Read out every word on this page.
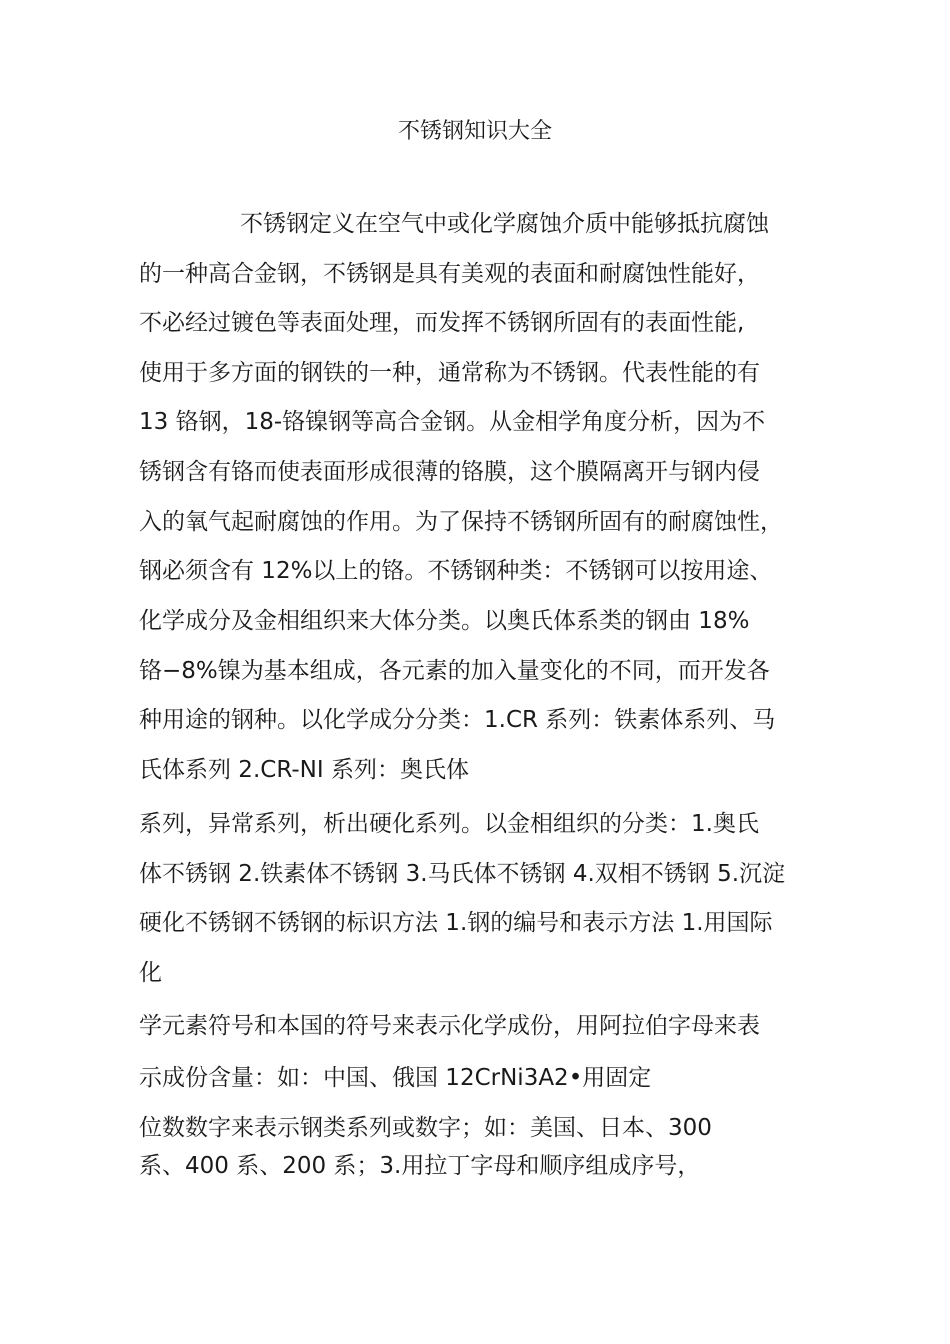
不锈钢知识大全

不锈钢定义在空气中或化学腐蚀介质中能够抵抗腐蚀

的一种高合金钢，不锈钢是具有美观的表面和耐腐蚀性能好，

不必经过镀色等表面处理，而发挥不锈钢所固有的表面性能,

使用于多方面的钢铁的一种，通常称为不锈钢。代表性能的有

13 铬钢，18-铬镍钢等高合金钢。从金相学角度分析，因为不

锈钢含有铬而使表面形成很薄的铬膜，这个膜隔离开与钢内侵

入的氧气起耐腐蚀的作用。为了保持不锈钢所固有的耐腐蚀性，

钢必须含有 12%以上的铬。不锈钢种类：不锈钢可以按用途、

化学成分及金相组织来大体分类。以奥氏体系类的钢由 18%

铬−8%镍为基本组成，各元素的加入量变化的不同，而开发各

种用途的钢种。以化学成分分类：1.CR 系列：铁素体系列、马

氏体系列 2.CR-NI 系列：奥氏体

系列，异常系列，析出硬化系列。以金相组织的分类：1.奥氏

体不锈钢 2.铁素体不锈钢 3.马氏体不锈钢 4.双相不锈钢 5.沉淀

硬化不锈钢不锈钢的标识方法 1.钢的编号和表示方法 1.用国际

化

学元素符号和本国的符号来表示化学成份，用阿拉伯字母来表

示成份含量：如：中国、俄国 12CrNi3A2•用固定

位数数字来表示钢类系列或数字；如：美国、日本、300

系、400 系、200 系；3.用拉丁字母和顺序组成序号，
